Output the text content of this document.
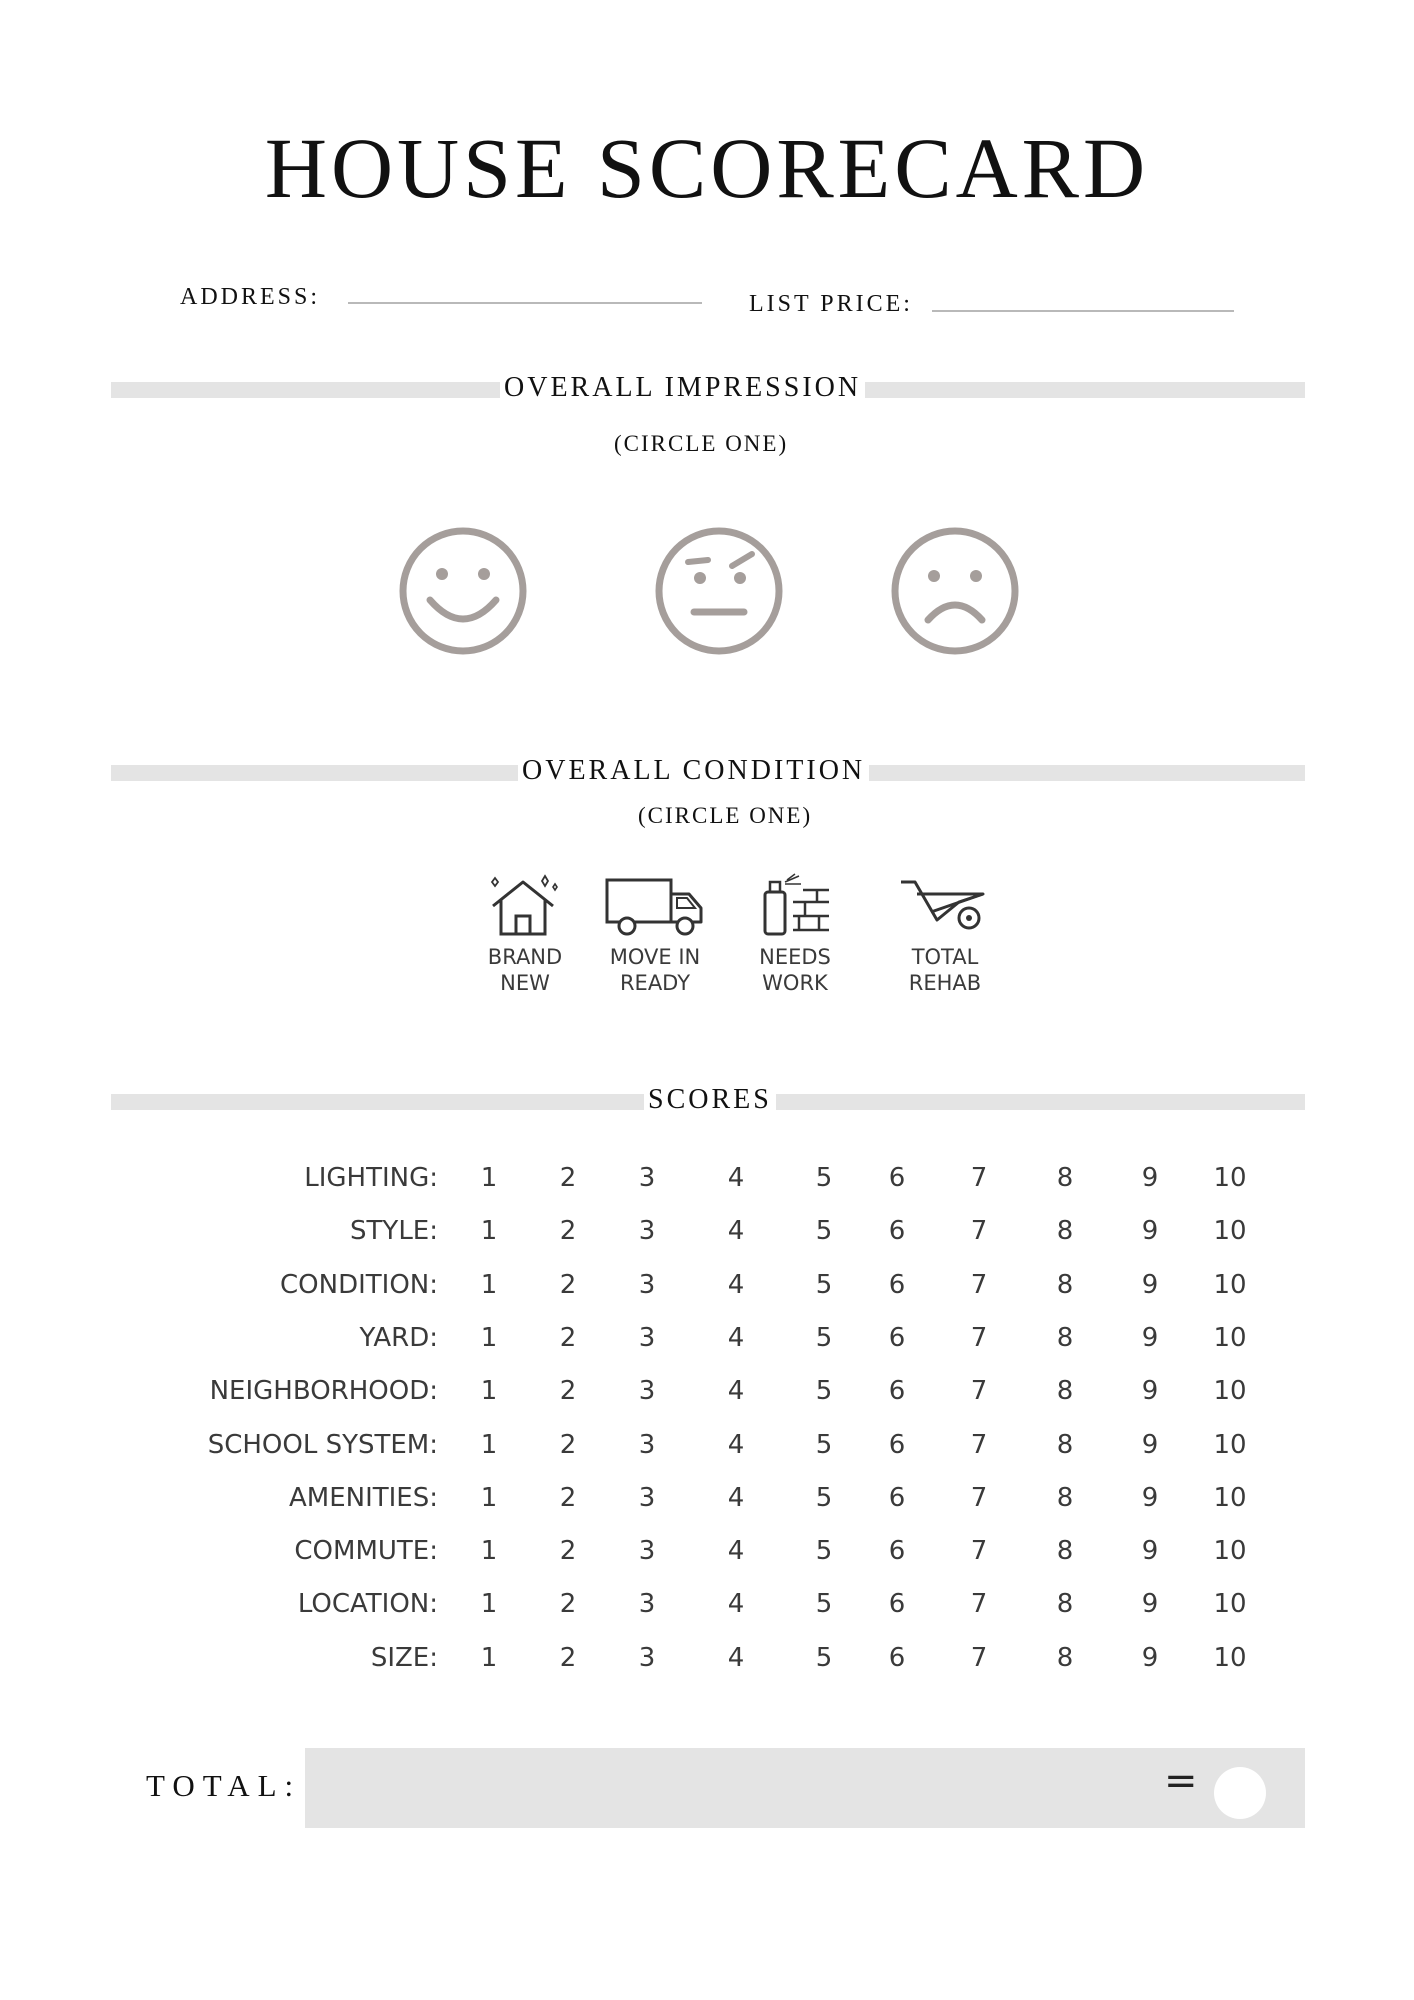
HOUSE SCORECARD
ADDRESS:	LIST PRICE:
OVERALL IMPRESSION
(CIRCLE ONE)
OVERALL CONDITION
(CIRCLE ONE)
BRAND
NEW
MOVE IN
READY
NEEDS
WORK
TOTAL
REHAB
SCORES
LIGHTING:	1	2	3	4	5	6	7	8	9	10
STYLE:	1	2	3	4	5	6	7	8	9	10
CONDITION:	1	2	3	4	5	6	7	8	9	10
YARD:	1	2	3	4	5	6	7	8	9	10
NEIGHBORHOOD:	1	2	3	4	5	6	7	8	9	10
SCHOOL SYSTEM:	1	2	3	4	5	6	7	8	9	10
AMENITIES:	1	2	3	4	5	6	7	8	9	10
COMMUTE:	1	2	3	4	5	6	7	8	9	10
LOCATION:	1	2	3	4	5	6	7	8	9	10
SIZE:	1	2	3	4	5	6	7	8	9	10
TOTAL:	=
